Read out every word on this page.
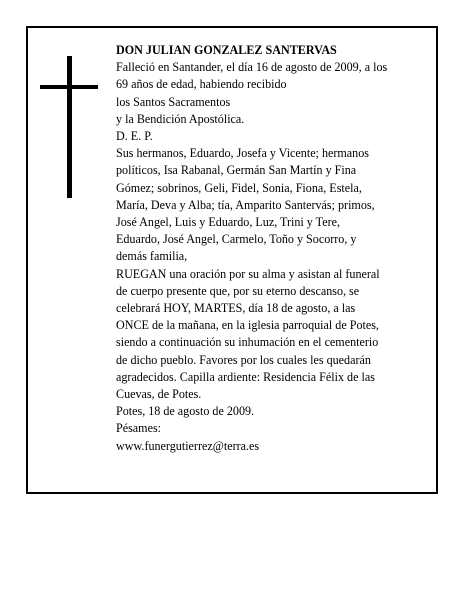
DON JULIAN GONZALEZ SANTERVAS
Falleció en Santander, el día 16 de agosto de 2009, a los
69 años de edad, habiendo recibido
los Santos Sacramentos
y la Bendición Apostólica.
D. E. P.
Sus hermanos, Eduardo, Josefa y Vicente; hermanos
políticos, Isa Rabanal, Germán San Martín y Fina
Gómez; sobrinos, Geli, Fidel, Sonia, Fiona, Estela,
María, Deva y Alba; tía, Amparito Santervás; primos,
José Angel, Luis y Eduardo, Luz, Trini y Tere,
Eduardo, José Angel, Carmelo, Toño y Socorro, y
demás familia,
RUEGAN una oración por su alma y asistan al funeral
de cuerpo presente que, por su eterno descanso, se
celebrará HOY, MARTES, día 18 de agosto, a las
ONCE de la mañana, en la iglesia parroquial de Potes,
siendo a continuación su inhumación en el cementerio
de dicho pueblo. Favores por los cuales les quedarán
agradecidos. Capilla ardiente: Residencia Félix de las
Cuevas, de Potes.
Potes, 18 de agosto de 2009.
Pésames:
www.funergutierrez@terra.es
